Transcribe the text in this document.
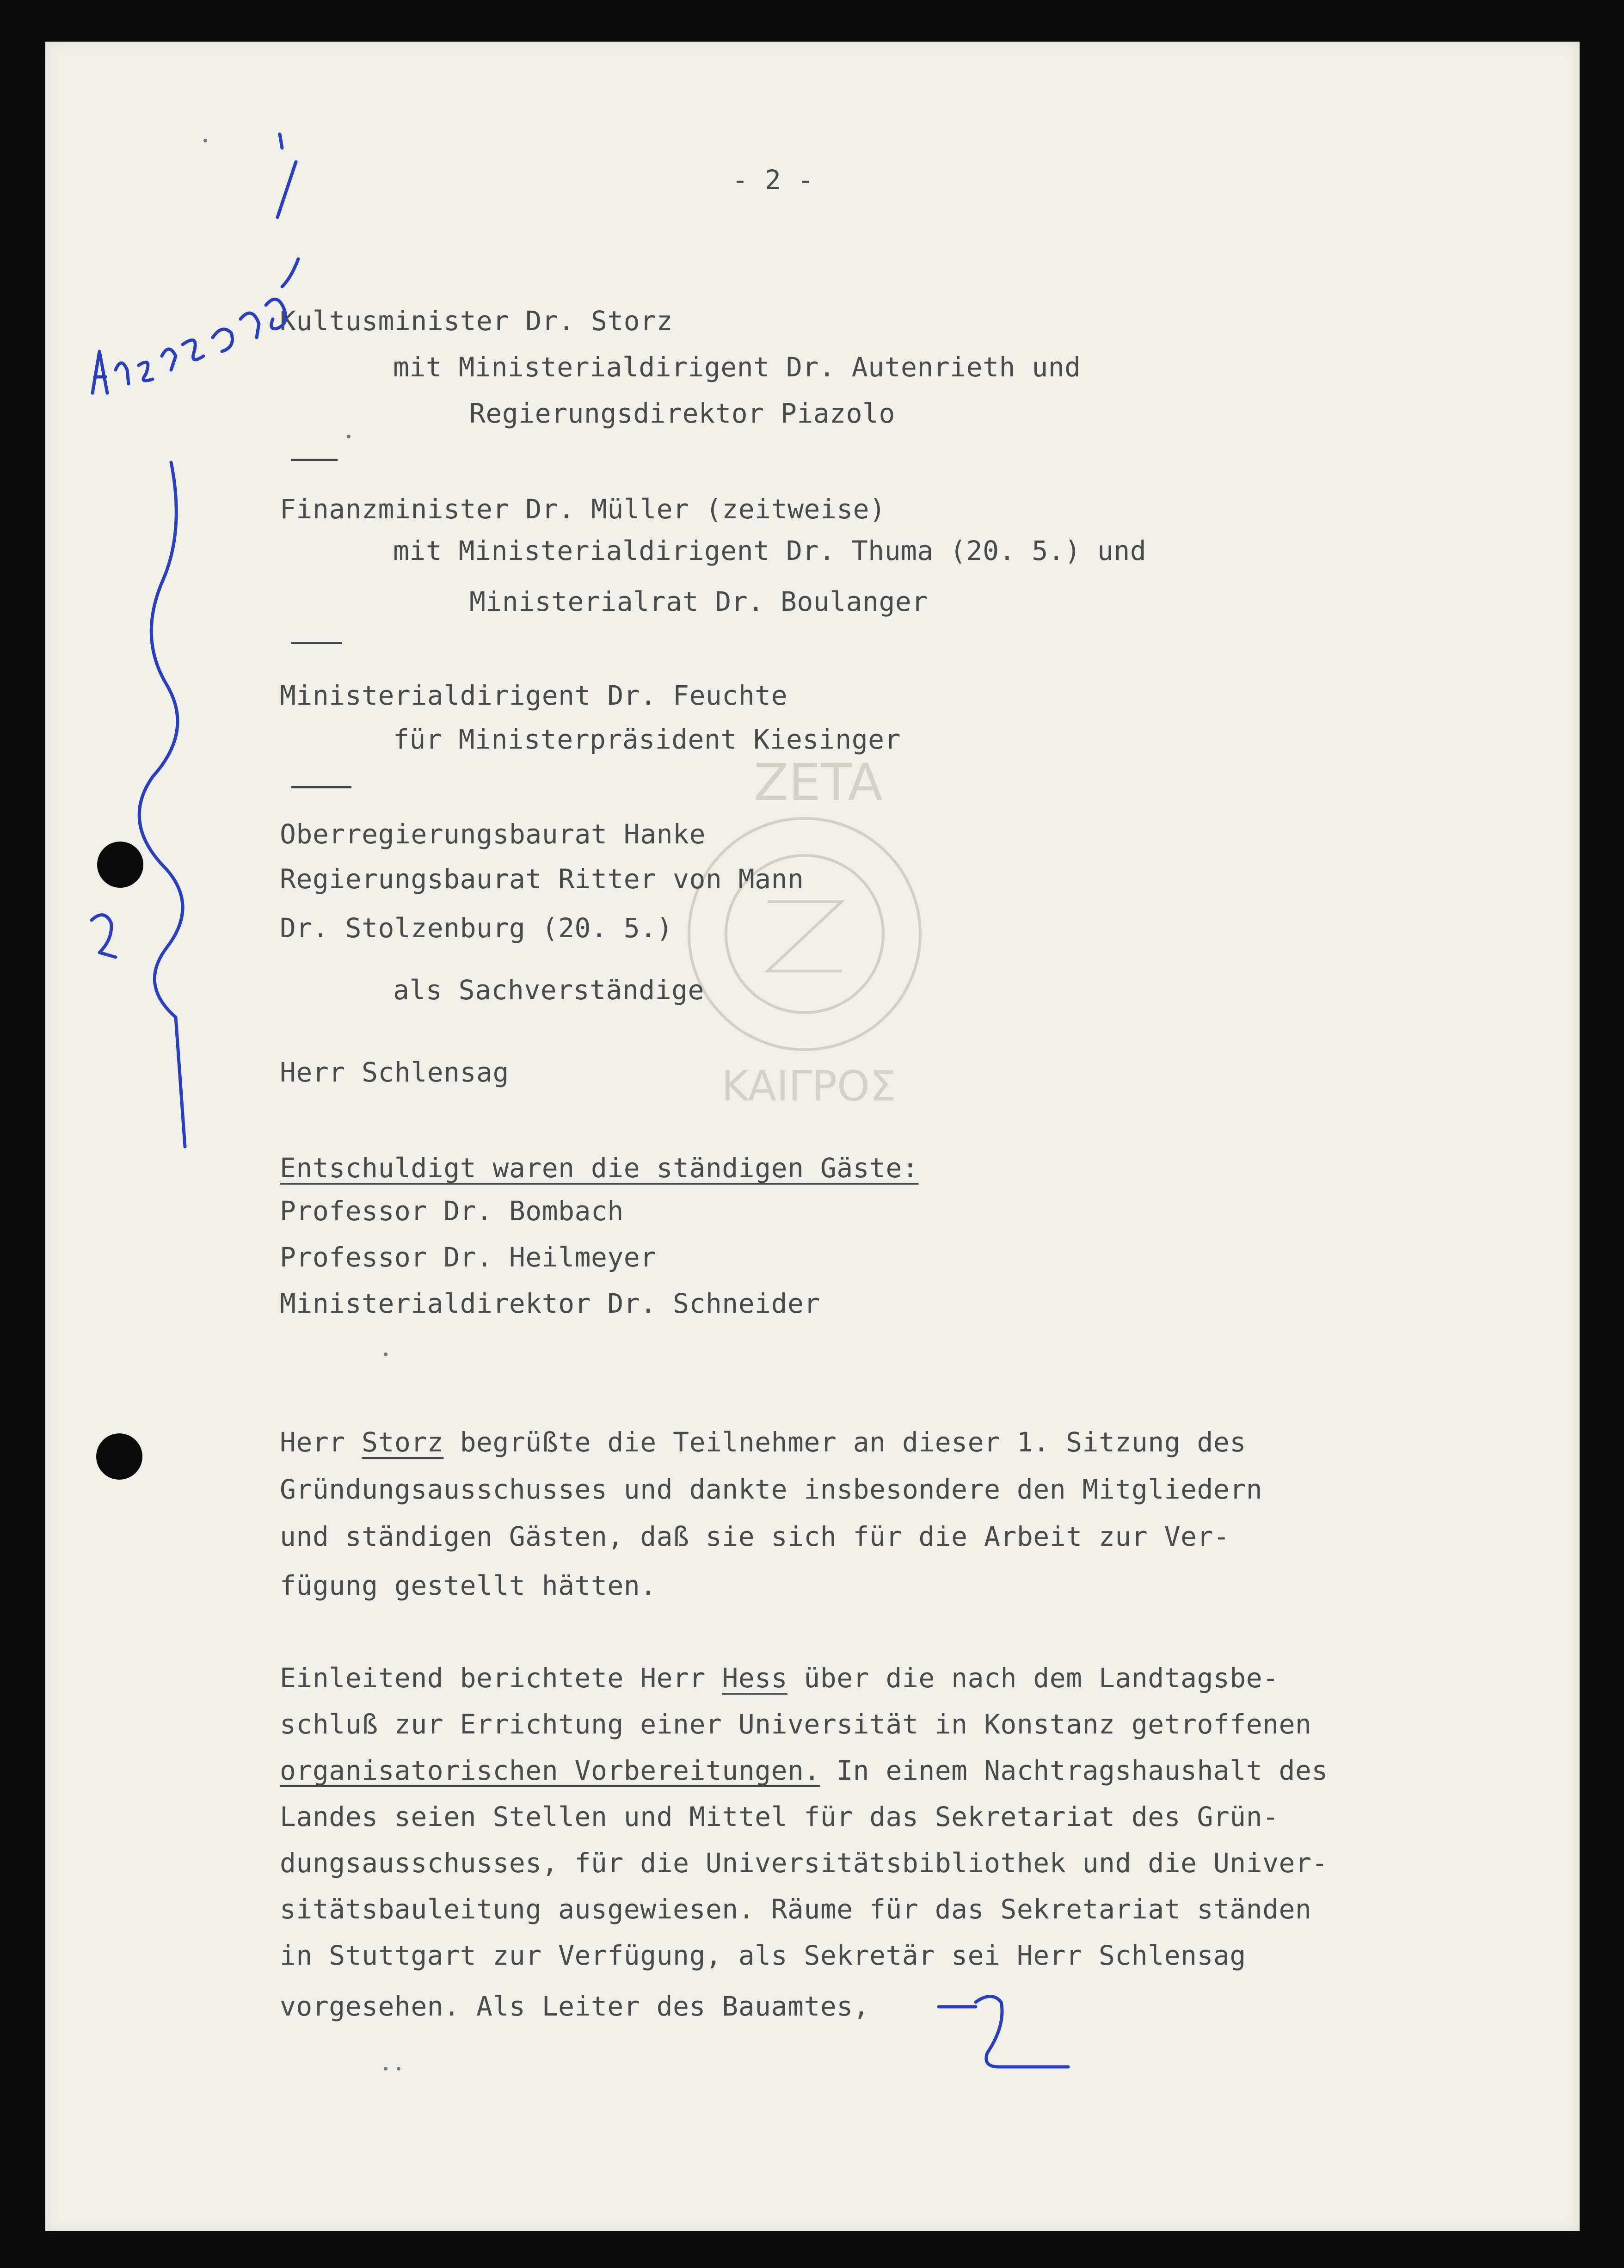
ZETA
KAIΓPOΣ
- 2 -
Kultusminister Dr. Storz
mit Ministerialdirigent Dr. Autenrieth und
Regierungsdirektor Piazolo
Finanzminister Dr. Müller (zeitweise)
mit Ministerialdirigent Dr. Thuma (20. 5.) und
Ministerialrat Dr. Boulanger
Ministerialdirigent Dr. Feuchte
für Ministerpräsident Kiesinger
Oberregierungsbaurat Hanke
Regierungsbaurat Ritter von Mann
Dr. Stolzenburg (20. 5.)
als Sachverständige
Herr Schlensag
Entschuldigt waren die ständigen Gäste:
Professor Dr. Bombach
Professor Dr. Heilmeyer
Ministerialdirektor Dr. Schneider
Herr Storz begrüßte die Teilnehmer an dieser 1. Sitzung des
Gründungsausschusses und dankte insbesondere den Mitgliedern
und ständigen Gästen, daß sie sich für die Arbeit zur Ver-
fügung gestellt hätten.
Einleitend berichtete Herr Hess über die nach dem Landtagsbe-
schluß zur Errichtung einer Universität in Konstanz getroffenen
organisatorischen Vorbereitungen. In einem Nachtragshaushalt des
Landes seien Stellen und Mittel für das Sekretariat des Grün-
dungsausschusses, für die Universitätsbibliothek und die Univer-
sitätsbauleitung ausgewiesen. Räume für das Sekretariat ständen
in Stuttgart zur Verfügung, als Sekretär sei Herr Schlensag
vorgesehen. Als Leiter des Bauamtes,
